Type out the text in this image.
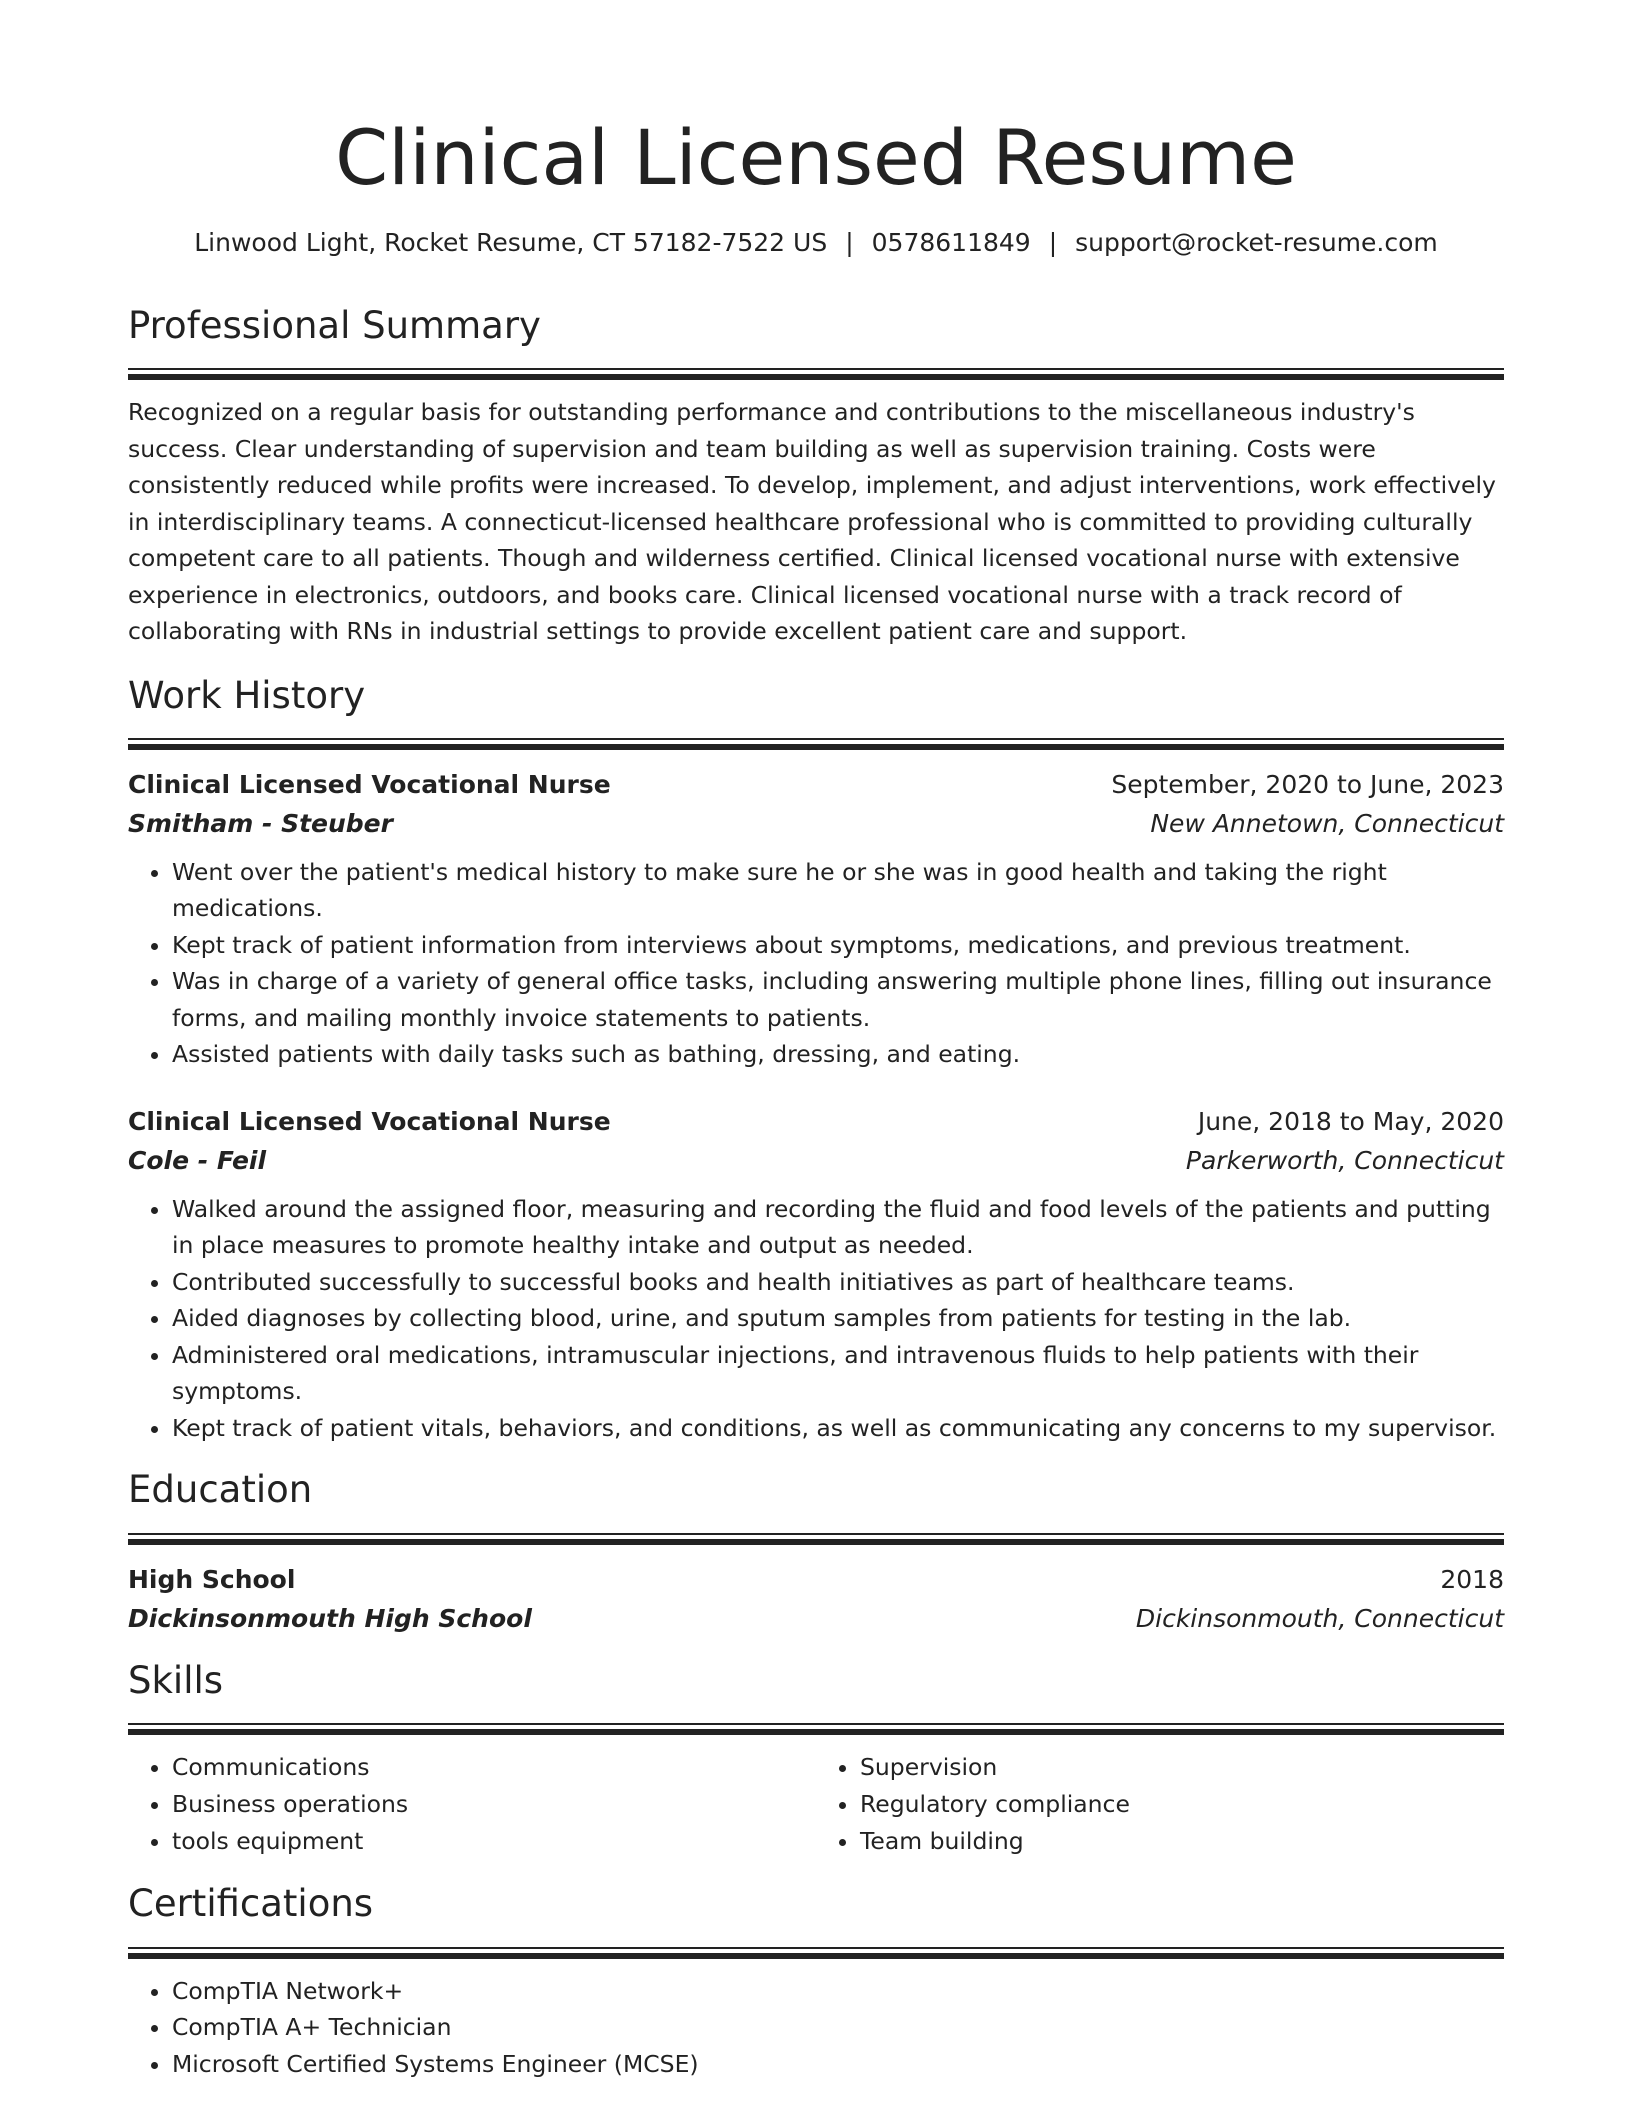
Clinical Licensed Resume
Linwood Light, Rocket Resume, CT 57182-7522 US | 0578611849 | support@rocket-resume.com
Professional Summary
Recognized on a regular basis for outstanding performance and contributions to the miscellaneous industry's success. Clear understanding of supervision and team building as well as supervision training. Costs were consistently reduced while profits were increased. To develop, implement, and adjust interventions, work effectively in interdisciplinary teams. A connecticut-licensed healthcare professional who is committed to providing culturally competent care to all patients. Though and wilderness certified. Clinical licensed vocational nurse with extensive experience in electronics, outdoors, and books care. Clinical licensed vocational nurse with a track record of collaborating with RNs in industrial settings to provide excellent patient care and support.
Work History
Clinical Licensed Vocational Nurse	September, 2020 to June, 2023
Smitham - Steuber	New Annetown, Connecticut
• Went over the patient's medical history to make sure he or she was in good health and taking the right medications.
• Kept track of patient information from interviews about symptoms, medications, and previous treatment.
• Was in charge of a variety of general office tasks, including answering multiple phone lines, filling out insurance forms, and mailing monthly invoice statements to patients.
• Assisted patients with daily tasks such as bathing, dressing, and eating.
Clinical Licensed Vocational Nurse	June, 2018 to May, 2020
Cole - Feil	Parkerworth, Connecticut
• Walked around the assigned floor, measuring and recording the fluid and food levels of the patients and putting in place measures to promote healthy intake and output as needed.
• Contributed successfully to successful books and health initiatives as part of healthcare teams.
• Aided diagnoses by collecting blood, urine, and sputum samples from patients for testing in the lab.
• Administered oral medications, intramuscular injections, and intravenous fluids to help patients with their symptoms.
• Kept track of patient vitals, behaviors, and conditions, as well as communicating any concerns to my supervisor.
Education
High School	2018
Dickinsonmouth High School	Dickinsonmouth, Connecticut
Skills
• Communications
• Business operations
• tools equipment
• Supervision
• Regulatory compliance
• Team building
Certifications
• CompTIA Network+
• CompTIA A+ Technician
• Microsoft Certified Systems Engineer (MCSE)
